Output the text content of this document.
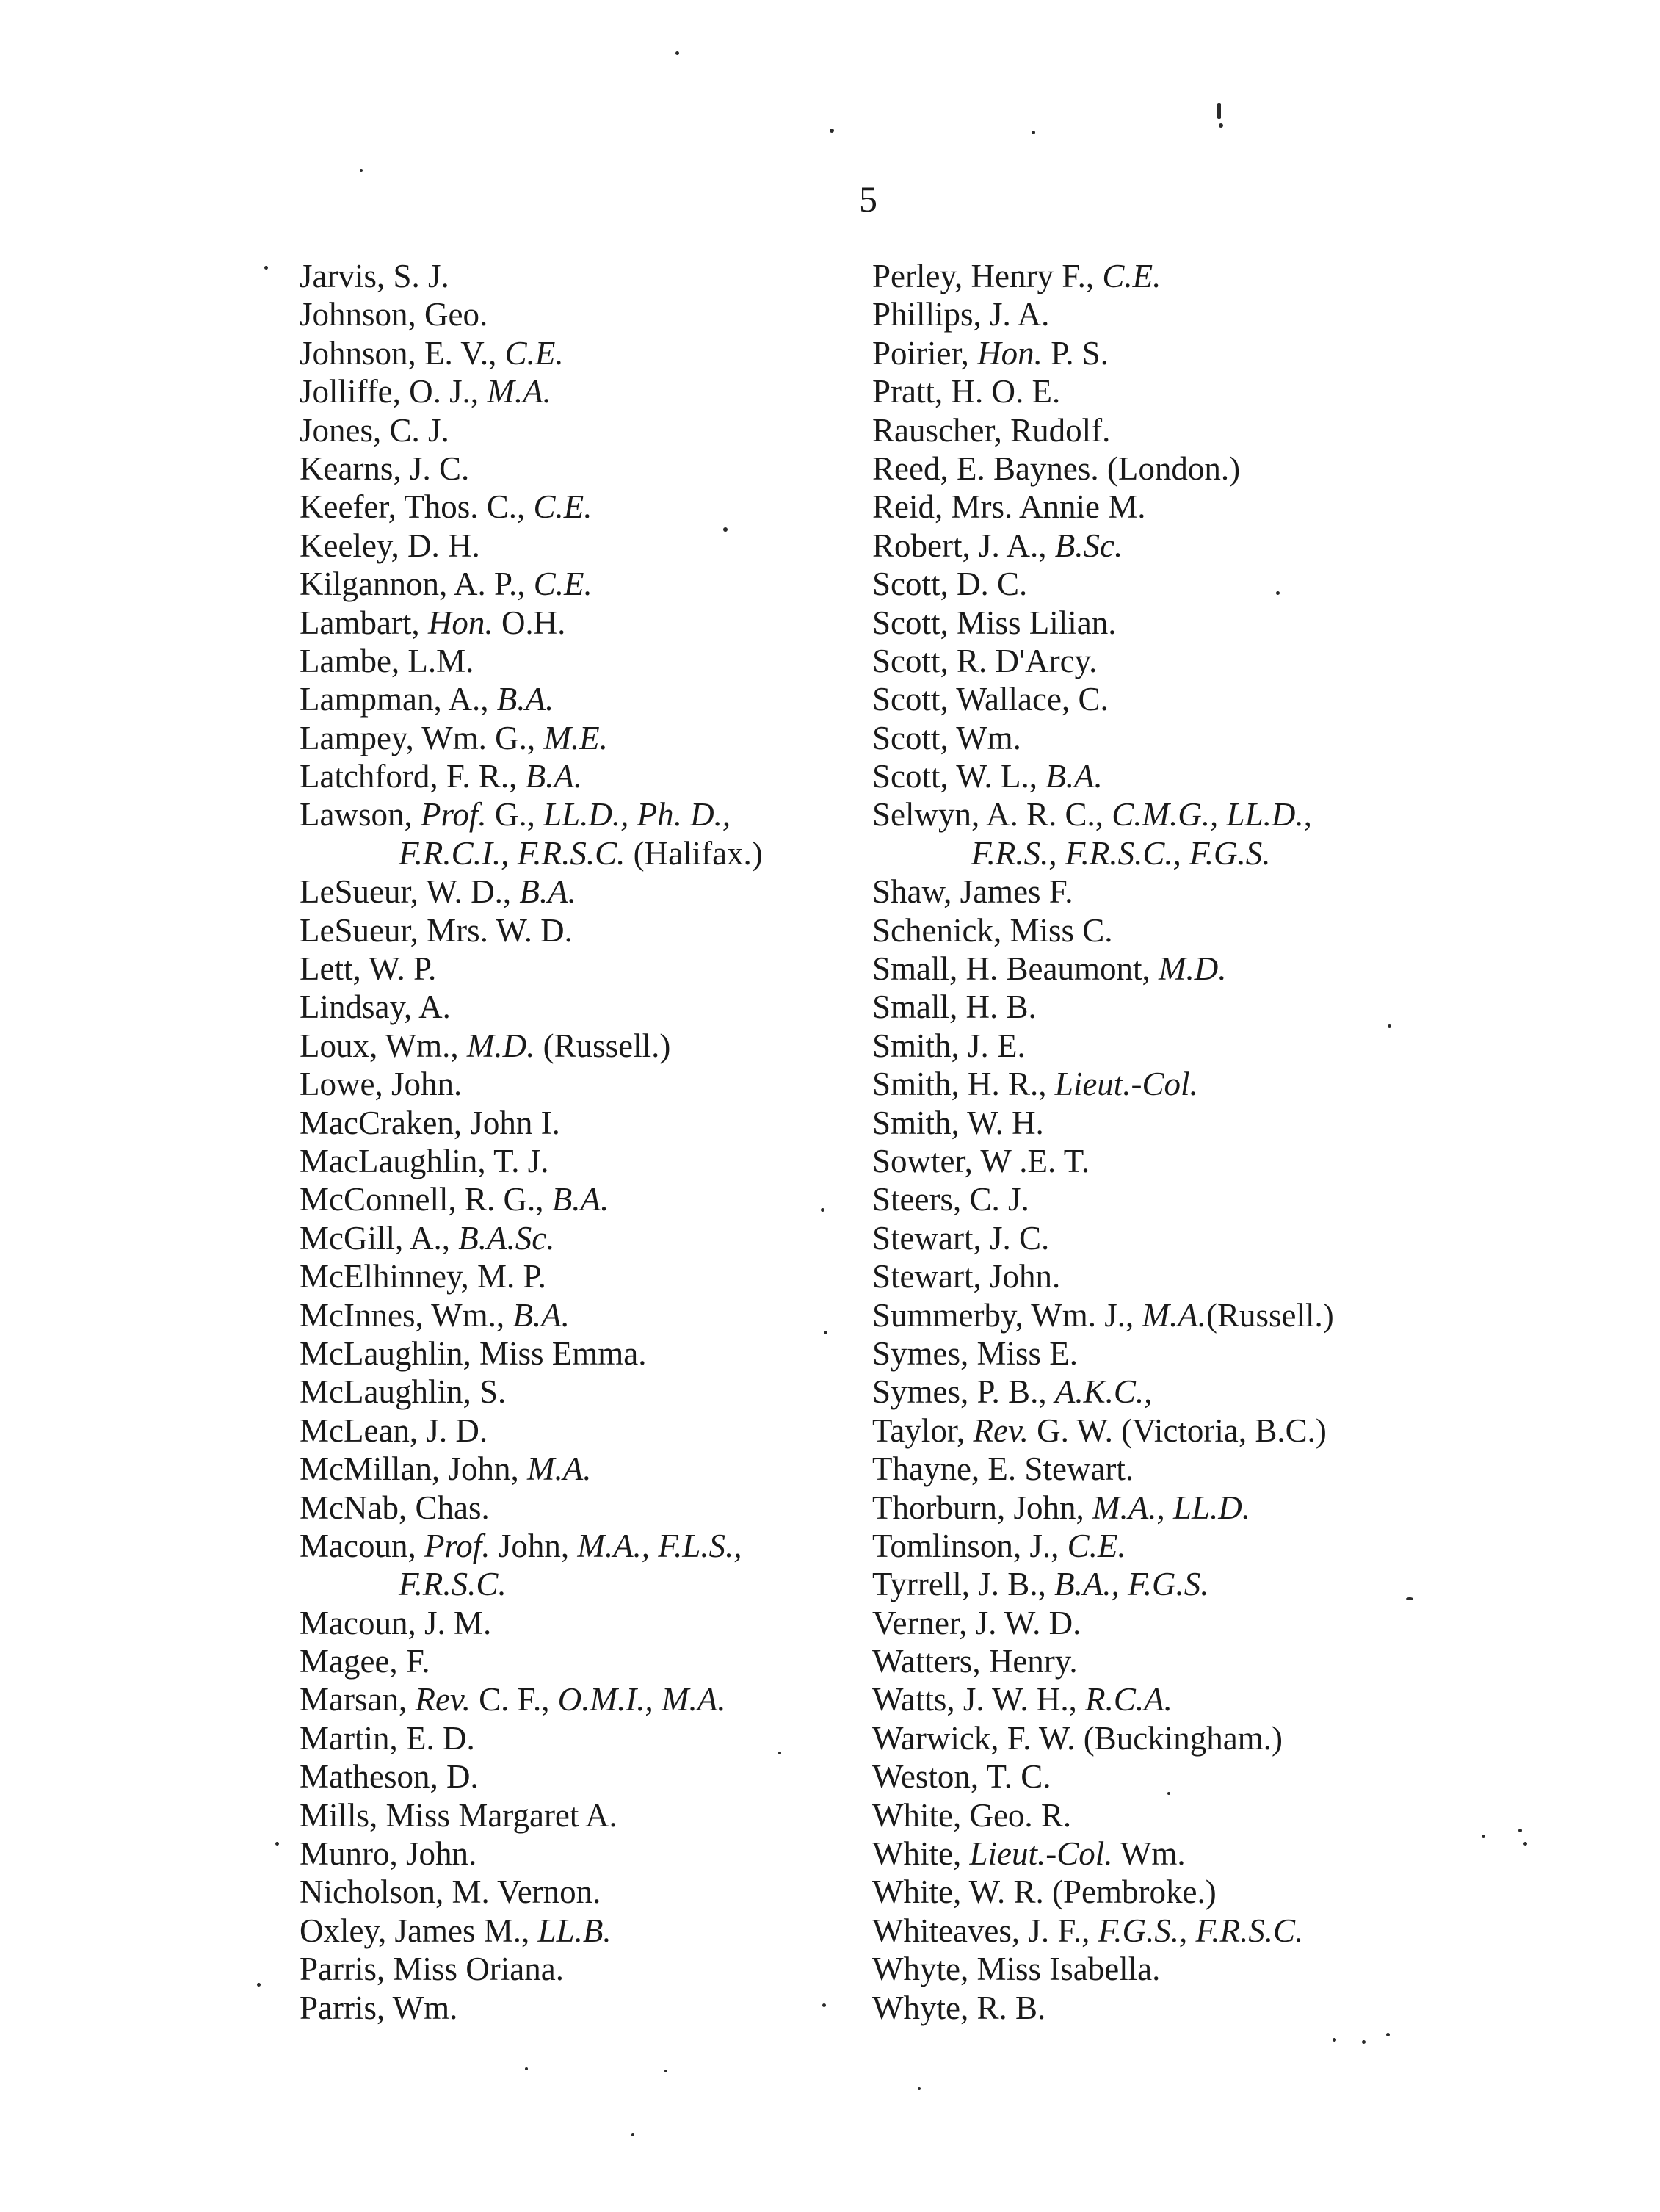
5
Jarvis, S. J.
Johnson, Geo.
Johnson, E. V., C.E.
Jolliffe, O. J., M.A.
Jones, C. J.
Kearns, J. C.
Keefer, Thos. C., C.E.
Keeley, D. H.
Kilgannon, A. P., C.E.
Lambart, Hon. O.H.
Lambe, L.M.
Lampman, A., B.A.
Lampey, Wm. G., M.E.
Latchford, F. R., B.A.
Lawson, Prof. G., LL.D., Ph. D.,
F.R.C.I., F.R.S.C. (Halifax.)
LeSueur, W. D., B.A.
LeSueur, Mrs. W. D.
Lett, W. P.
Lindsay, A.
Loux, Wm., M.D. (Russell.)
Lowe, John.
MacCraken, John I.
MacLaughlin, T. J.
McConnell, R. G., B.A.
McGill, A., B.A.Sc.
McElhinney, M. P.
McInnes, Wm., B.A.
McLaughlin, Miss Emma.
McLaughlin, S.
McLean, J. D.
McMillan, John, M.A.
McNab, Chas.
Macoun, Prof. John, M.A., F.L.S.,
F.R.S.C.
Macoun, J. M.
Magee, F.
Marsan, Rev. C. F., O.M.I., M.A.
Martin, E. D.
Matheson, D.
Mills, Miss Margaret A.
Munro, John.
Nicholson, M. Vernon.
Oxley, James M., LL.B.
Parris, Miss Oriana.
Parris, Wm.
Perley, Henry F., C.E.
Phillips, J. A.
Poirier, Hon. P. S.
Pratt, H. O. E.
Rauscher, Rudolf.
Reed, E. Baynes. (London.)
Reid, Mrs. Annie M.
Robert, J. A., B.Sc.
Scott, D. C.
Scott, Miss Lilian.
Scott, R. D'Arcy.
Scott, Wallace, C.
Scott, Wm.
Scott, W. L., B.A.
Selwyn, A. R. C., C.M.G., LL.D.,
F.R.S., F.R.S.C., F.G.S.
Shaw, James F.
Schenick, Miss C.
Small, H. Beaumont, M.D.
Small, H. B.
Smith, J. E.
Smith, H. R., Lieut.-Col.
Smith, W. H.
Sowter, W .E. T.
Steers, C. J.
Stewart, J. C.
Stewart, John.
Summerby, Wm. J., M.A.(Russell.)
Symes, Miss E.
Symes, P. B., A.K.C.,
Taylor, Rev. G. W. (Victoria, B.C.)
Thayne, E. Stewart.
Thorburn, John, M.A., LL.D.
Tomlinson, J., C.E.
Tyrrell, J. B., B.A., F.G.S.
Verner, J. W. D.
Watters, Henry.
Watts, J. W. H., R.C.A.
Warwick, F. W. (Buckingham.)
Weston, T. C.
White, Geo. R.
White, Lieut.-Col. Wm.
White, W. R. (Pembroke.)
Whiteaves, J. F., F.G.S., F.R.S.C.
Whyte, Miss Isabella.
Whyte, R. B.
